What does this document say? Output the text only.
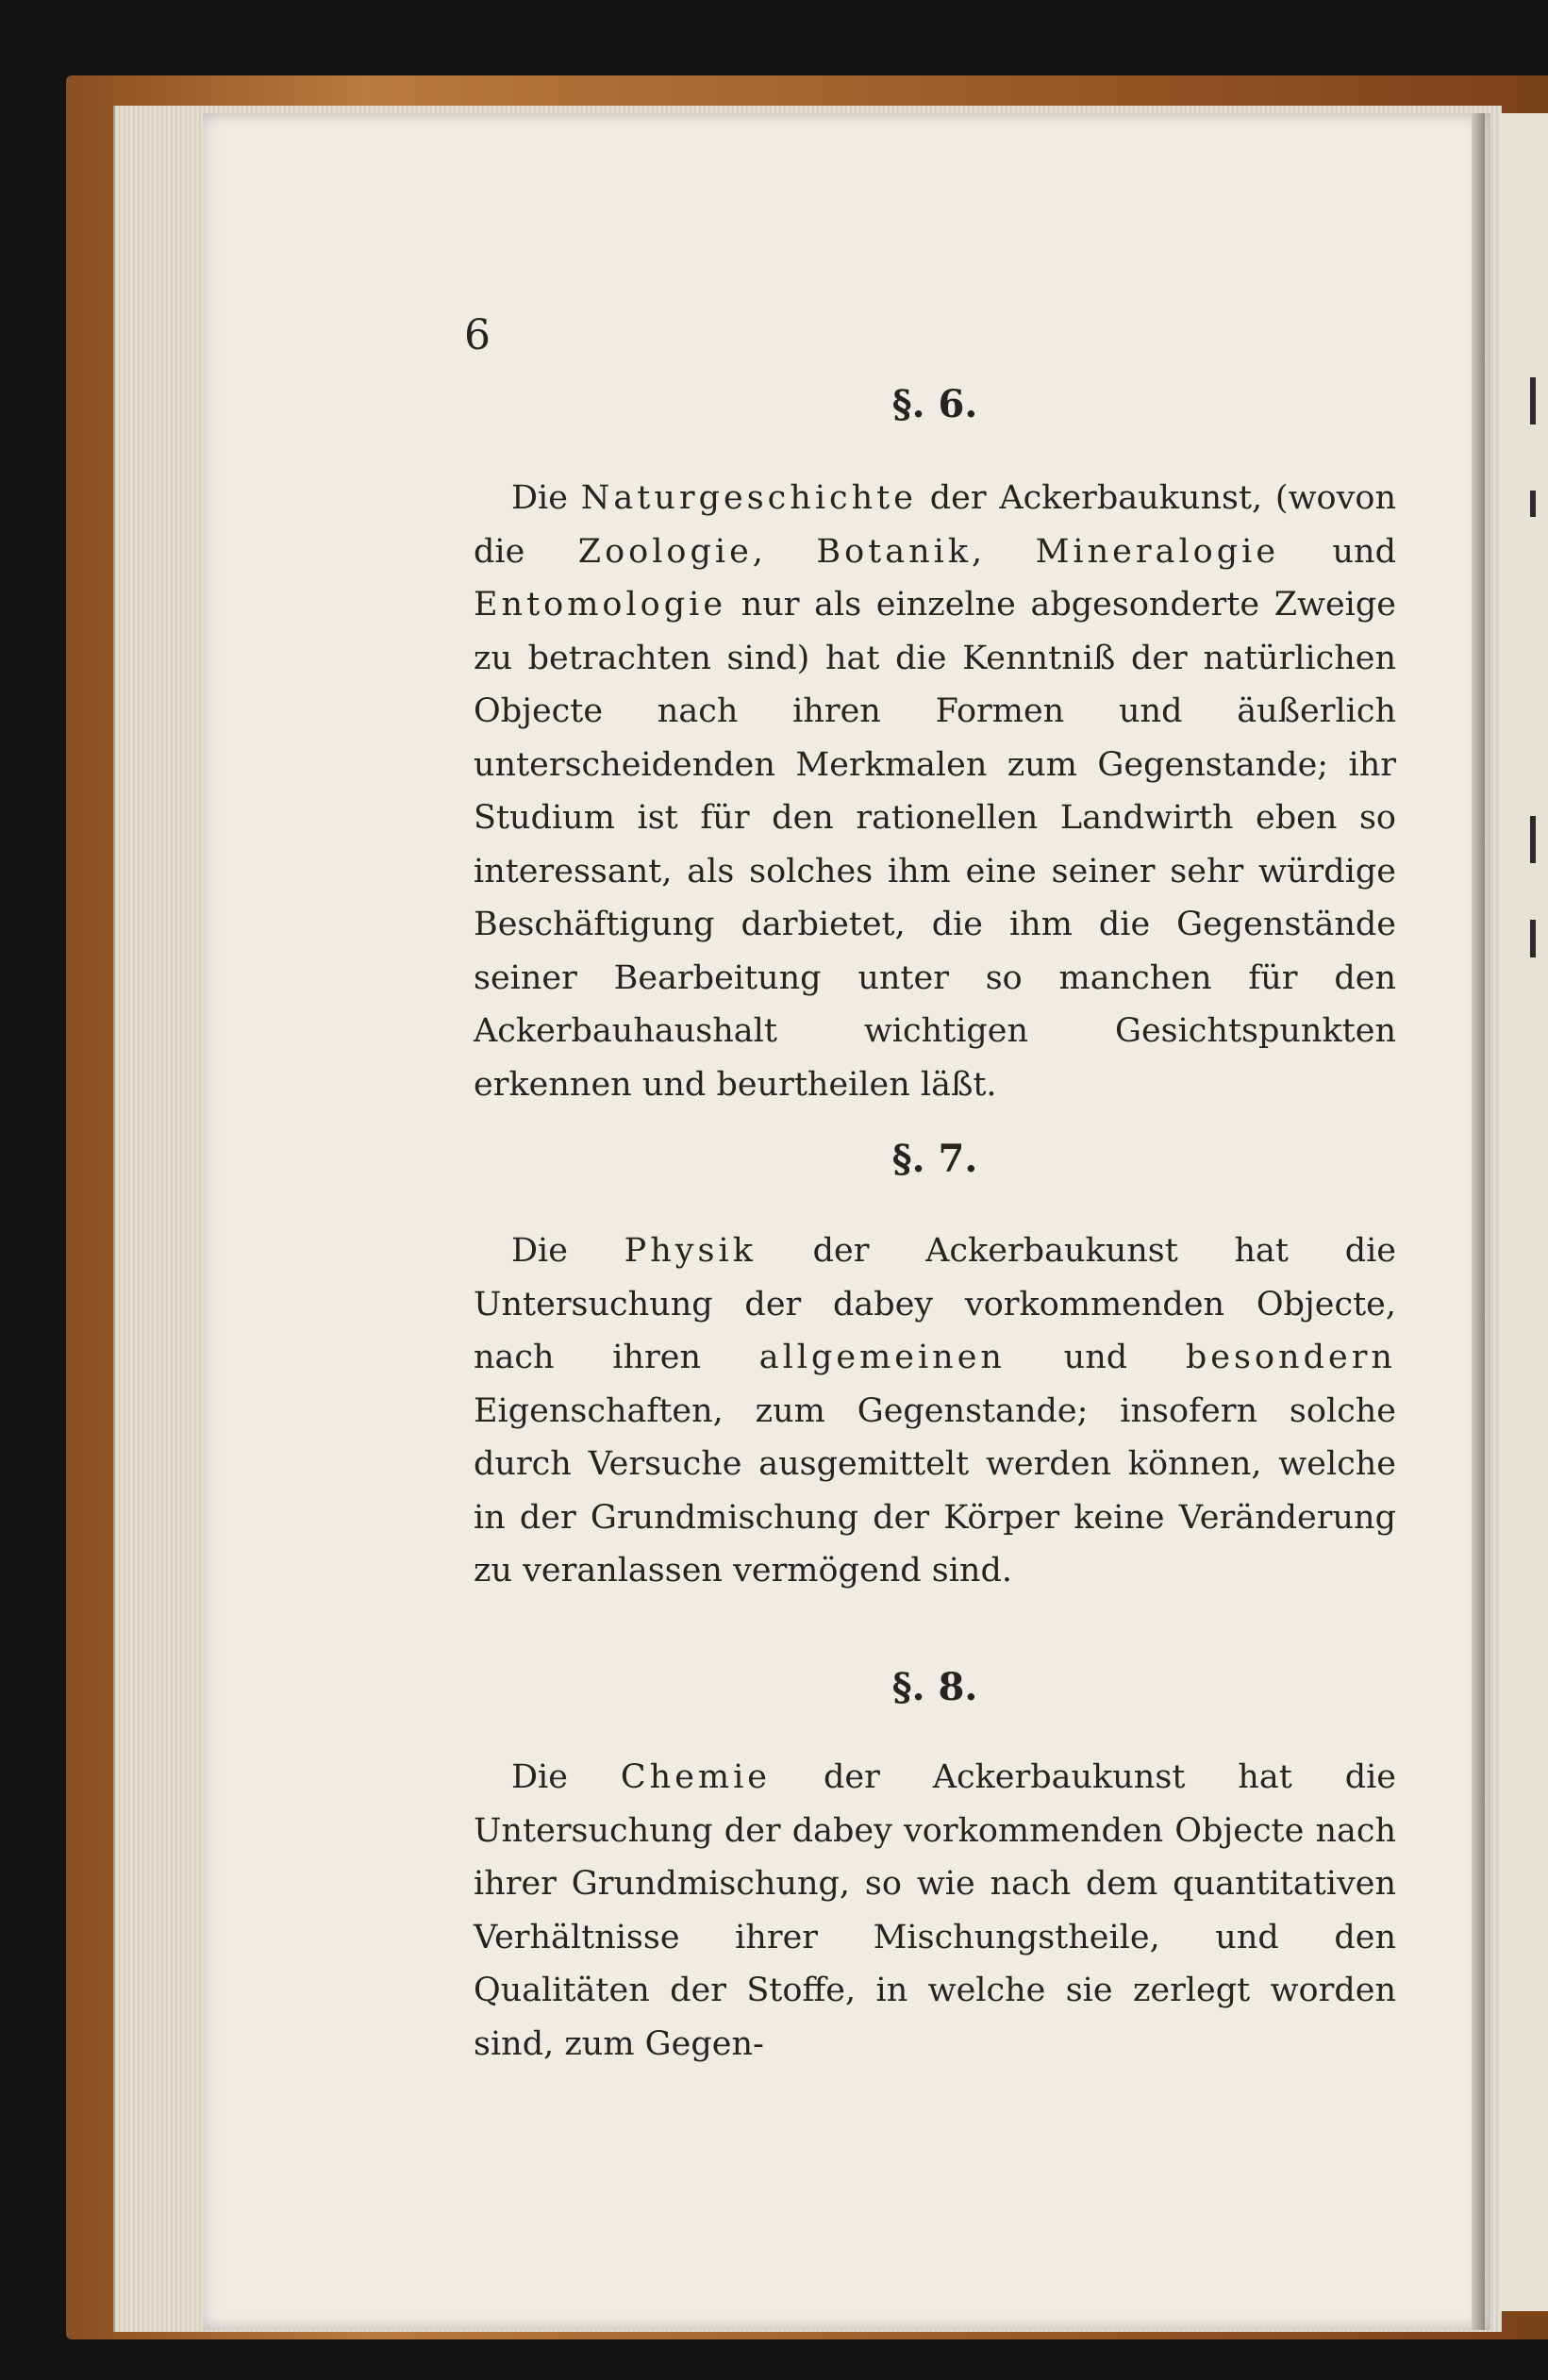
6

§. 6.

Die Naturgeschichte der Ackerbaukunst, (wovon die Zoologie, Botanik, Mineralogie und Entomologie nur als einzelne abgesonderte Zweige zu betrachten sind) hat die Kenntniß der natürlichen Objecte nach ihren Formen und äußerlich unterscheidenden Merkmalen zum Gegenstande; ihr Studium ist für den rationellen Landwirth eben so interessant, als solches ihm eine seiner sehr würdige Beschäftigung darbietet, die ihm die Gegenstände seiner Bearbeitung unter so manchen für den Ackerbauhaushalt wichtigen Gesichtspunkten erkennen und beurtheilen läßt.

§. 7.

Die Physik der Ackerbaukunst hat die Untersuchung der dabey vorkommenden Objecte, nach ihren allgemeinen und besondern Eigenschaften, zum Gegenstande; insofern solche durch Versuche ausgemittelt werden können, welche in der Grundmischung der Körper keine Veränderung zu veranlassen vermögend sind.

§. 8.

Die Chemie der Ackerbaukunst hat die Untersuchung der dabey vorkommenden Objecte nach ihrer Grundmischung, so wie nach dem quantitativen Verhältnisse ihrer Mischungstheile, und den Qualitäten der Stoffe, in welche sie zerlegt worden sind, zum Gegen-
